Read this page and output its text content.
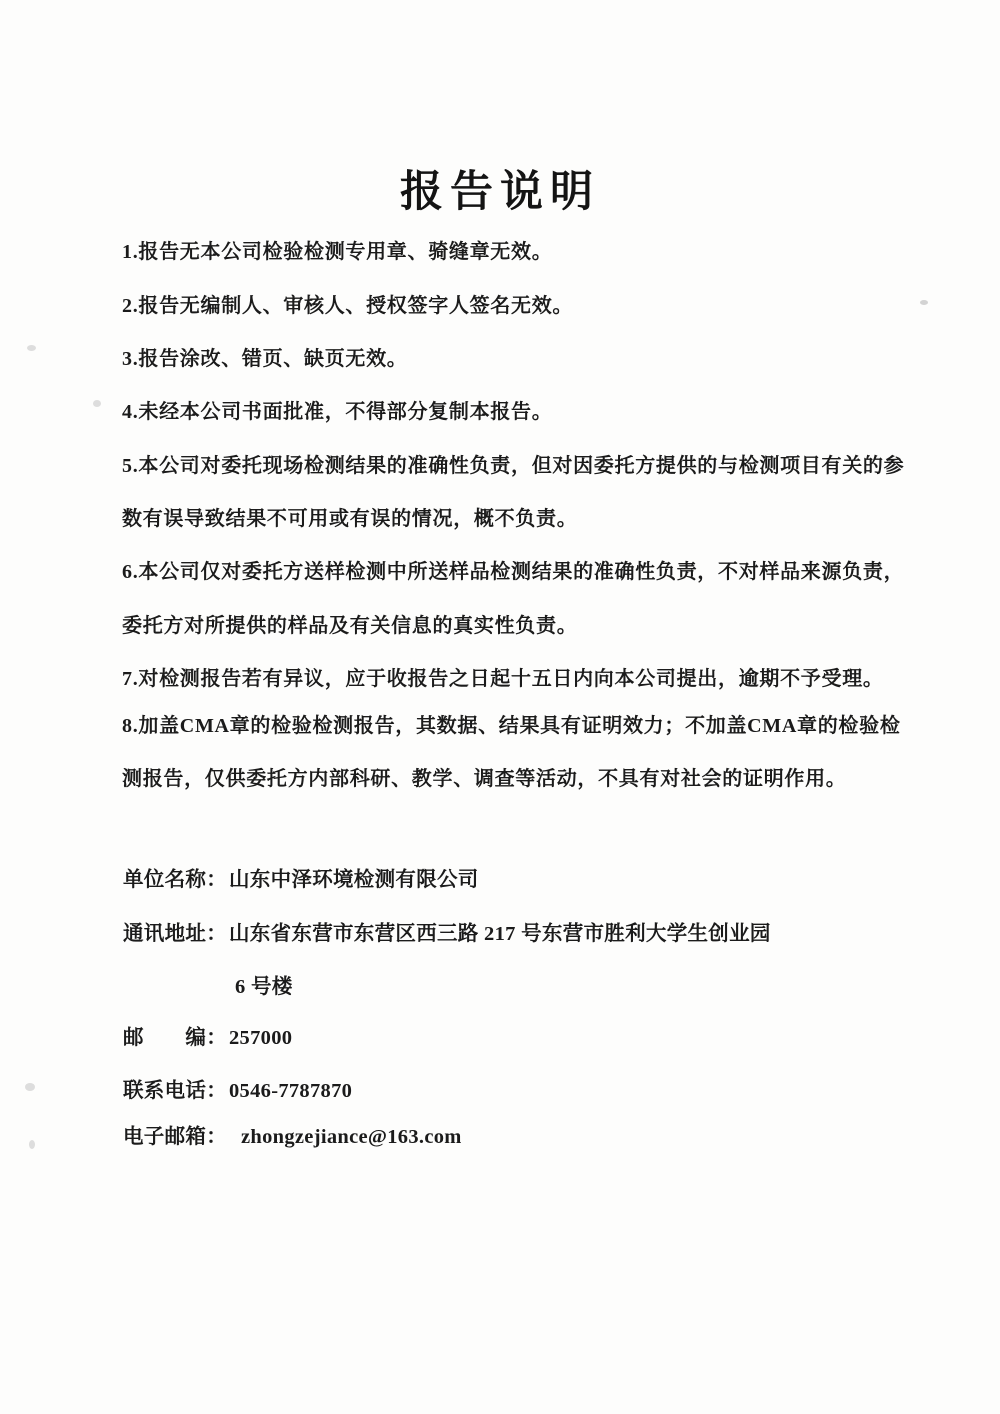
报告说明
1.报告无本公司检验检测专用章、骑缝章无效。
2.报告无编制人、审核人、授权签字人签名无效。
3.报告涂改、错页、缺页无效。
4.未经本公司书面批准，不得部分复制本报告。
5.本公司对委托现场检测结果的准确性负责，但对因委托方提供的与检测项目有关的参
数有误导致结果不可用或有误的情况，概不负责。
6.本公司仅对委托方送样检测中所送样品检测结果的准确性负责，不对样品来源负责，
委托方对所提供的样品及有关信息的真实性负责。
7.对检测报告若有异议，应于收报告之日起十五日内向本公司提出，逾期不予受理。
8.加盖CMA章的检验检测报告，其数据、结果具有证明效力；不加盖CMA章的检验检
测报告，仅供委托方内部科研、教学、调查等活动，不具有对社会的证明作用。
单位名称：山东中泽环境检测有限公司
通讯地址：山东省东营市东营区西三路 217 号东营市胜利大学生创业园
6 号楼
邮　　编：257000
联系电话：0546-7787870
电子邮箱： zhongzejiance@163.com
